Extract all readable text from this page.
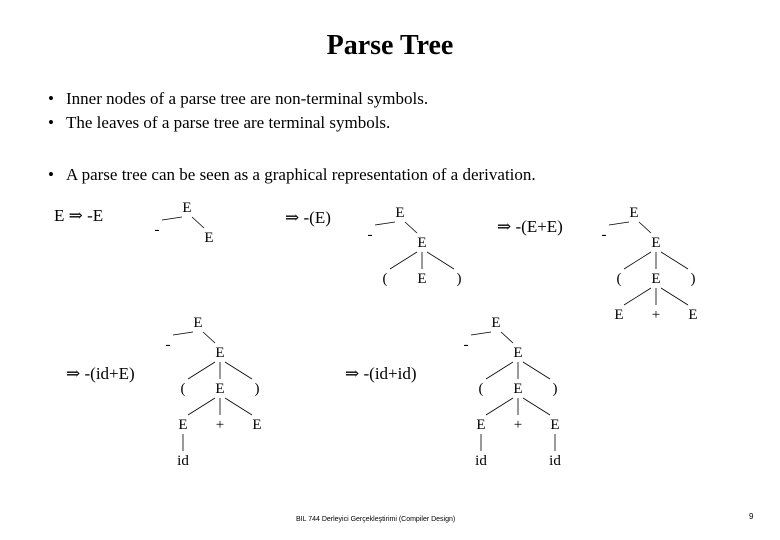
Parse Tree
• Inner nodes of a parse tree are non-terminal symbols.
• The leaves of a parse tree are terminal symbols.
• A parse tree can be seen as a graphical representation of a derivation.
E ⇒ -E	⇒ -(E)	⇒ -(E+E)
⇒ -(id+E)	⇒ -(id+id)
E
-	E
E
-	E
( E )
E
-	E
( E
E + E
)
E
-	E
( E
E
id
+ E
)
E
-	E
( E
E
id
+ E
id
)
BIL 744 Derleyici Gerçekleştirimi (Compiler Design)	9
